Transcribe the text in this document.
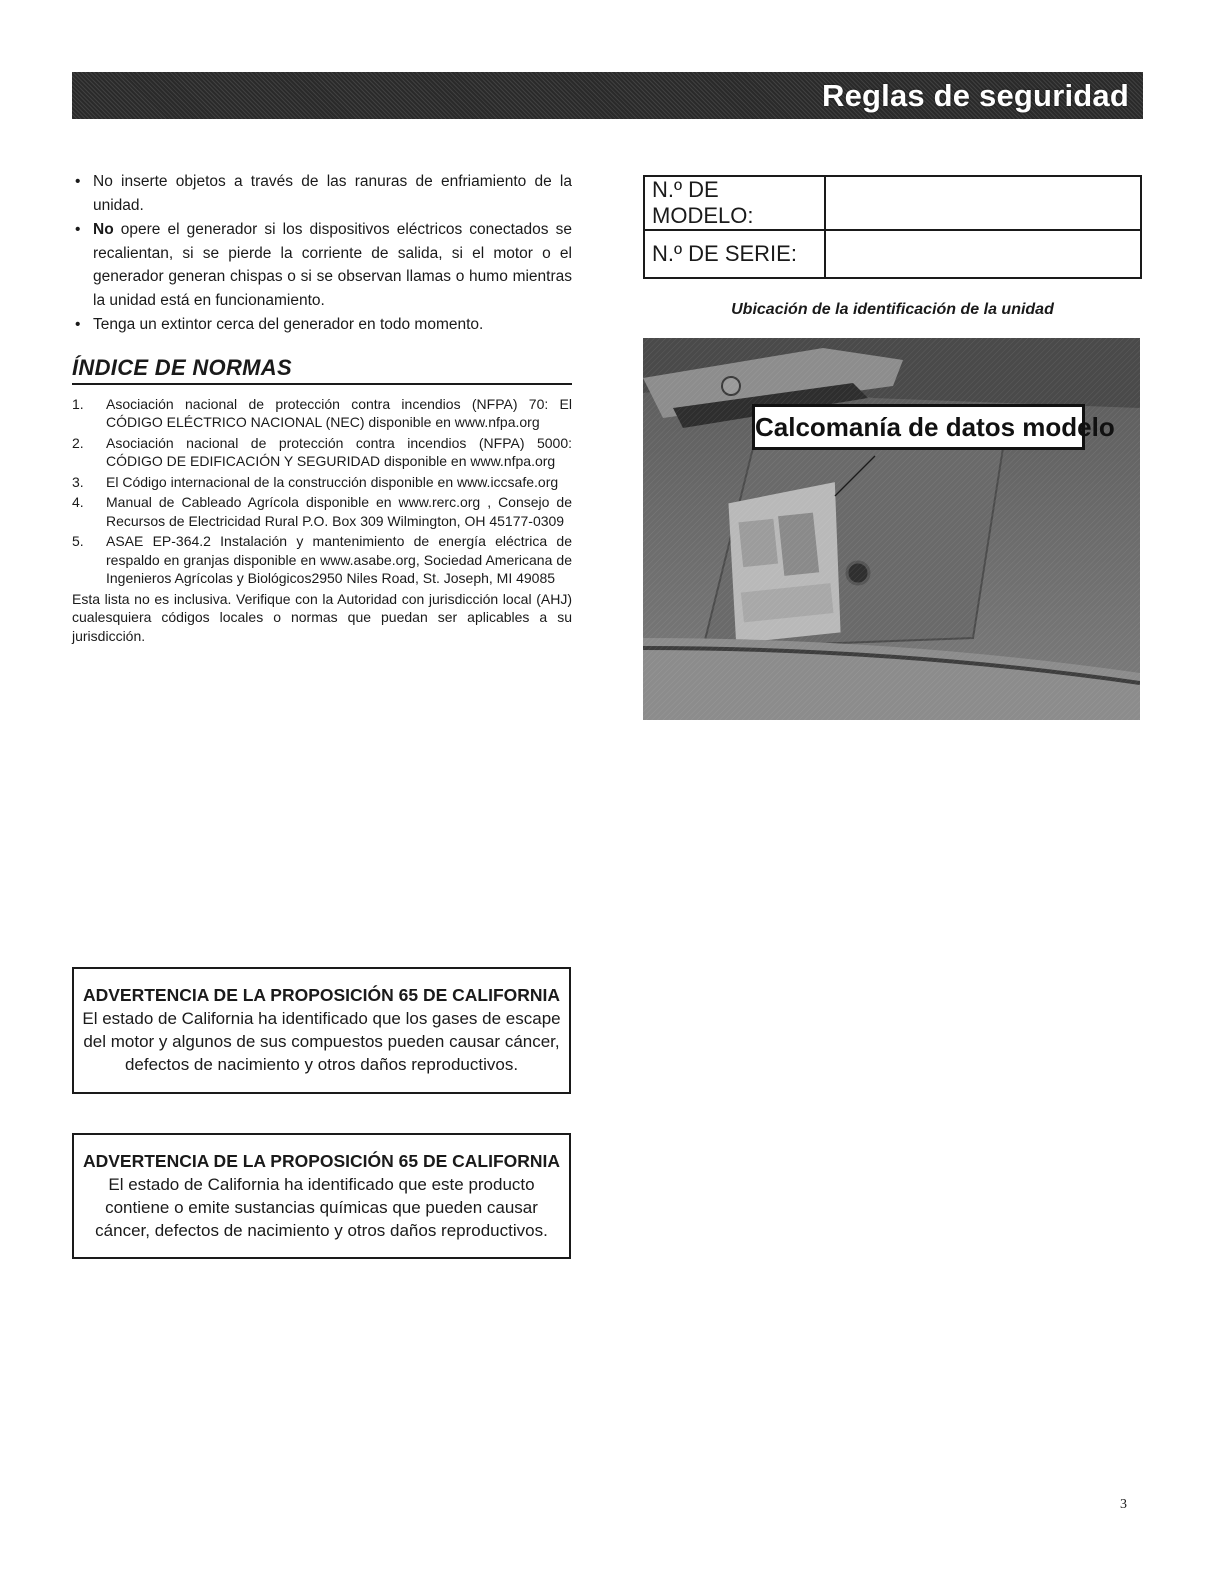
Reglas de seguridad
• No inserte objetos a través de las ranuras de enfriamiento de la unidad.
• No opere el generador si los dispositivos eléctricos conectados se recalientan, si se pierde la corriente de salida, si el motor o el generador generan chispas o si se observan llamas o humo mientras la unidad está en funcionamiento.
• Tenga un extintor cerca del generador en todo momento.
ÍNDICE DE NORMAS
1. Asociación nacional de protección contra incendios (NFPA) 70: El CÓDIGO ELÉCTRICO NACIONAL (NEC) disponible en www.nfpa.org
2. Asociación nacional de protección contra incendios (NFPA) 5000: CÓDIGO DE EDIFICACIÓN Y SEGURIDAD disponible en www.nfpa.org
3. El Código internacional de la construcción disponible en www.iccsafe.org
4. Manual de Cableado Agrícola disponible en www.rerc.org , Consejo de Recursos de Electricidad Rural P.O. Box 309 Wilmington, OH 45177-0309
5. ASAE EP-364.2 Instalación y mantenimiento de energía eléctrica de respaldo en granjas disponible en www.asabe.org, Sociedad Americana de Ingenieros Agrícolas y Biológicos2950 Niles Road, St. Joseph, MI 49085
Esta lista no es inclusiva. Verifique con la Autoridad con jurisdicción local (AHJ) cualesquiera códigos locales o normas que puedan ser aplicables a su jurisdicción.
N.º DE MODELO:	
N.º DE SERIE:	
Ubicación de la identificación de la unidad
Calcomanía de datos modelo
ADVERTENCIA DE LA PROPOSICIÓN 65 DE CALIFORNIA
El estado de California ha identificado que los gases de escape del motor y algunos de sus compuestos pueden causar cáncer, defectos de nacimiento y otros daños reproductivos.
ADVERTENCIA DE LA PROPOSICIÓN 65 DE CALIFORNIA
El estado de California ha identificado que este producto contiene o emite sustancias químicas que pueden causar cáncer, defectos de nacimiento y otros daños reproductivos.
3
